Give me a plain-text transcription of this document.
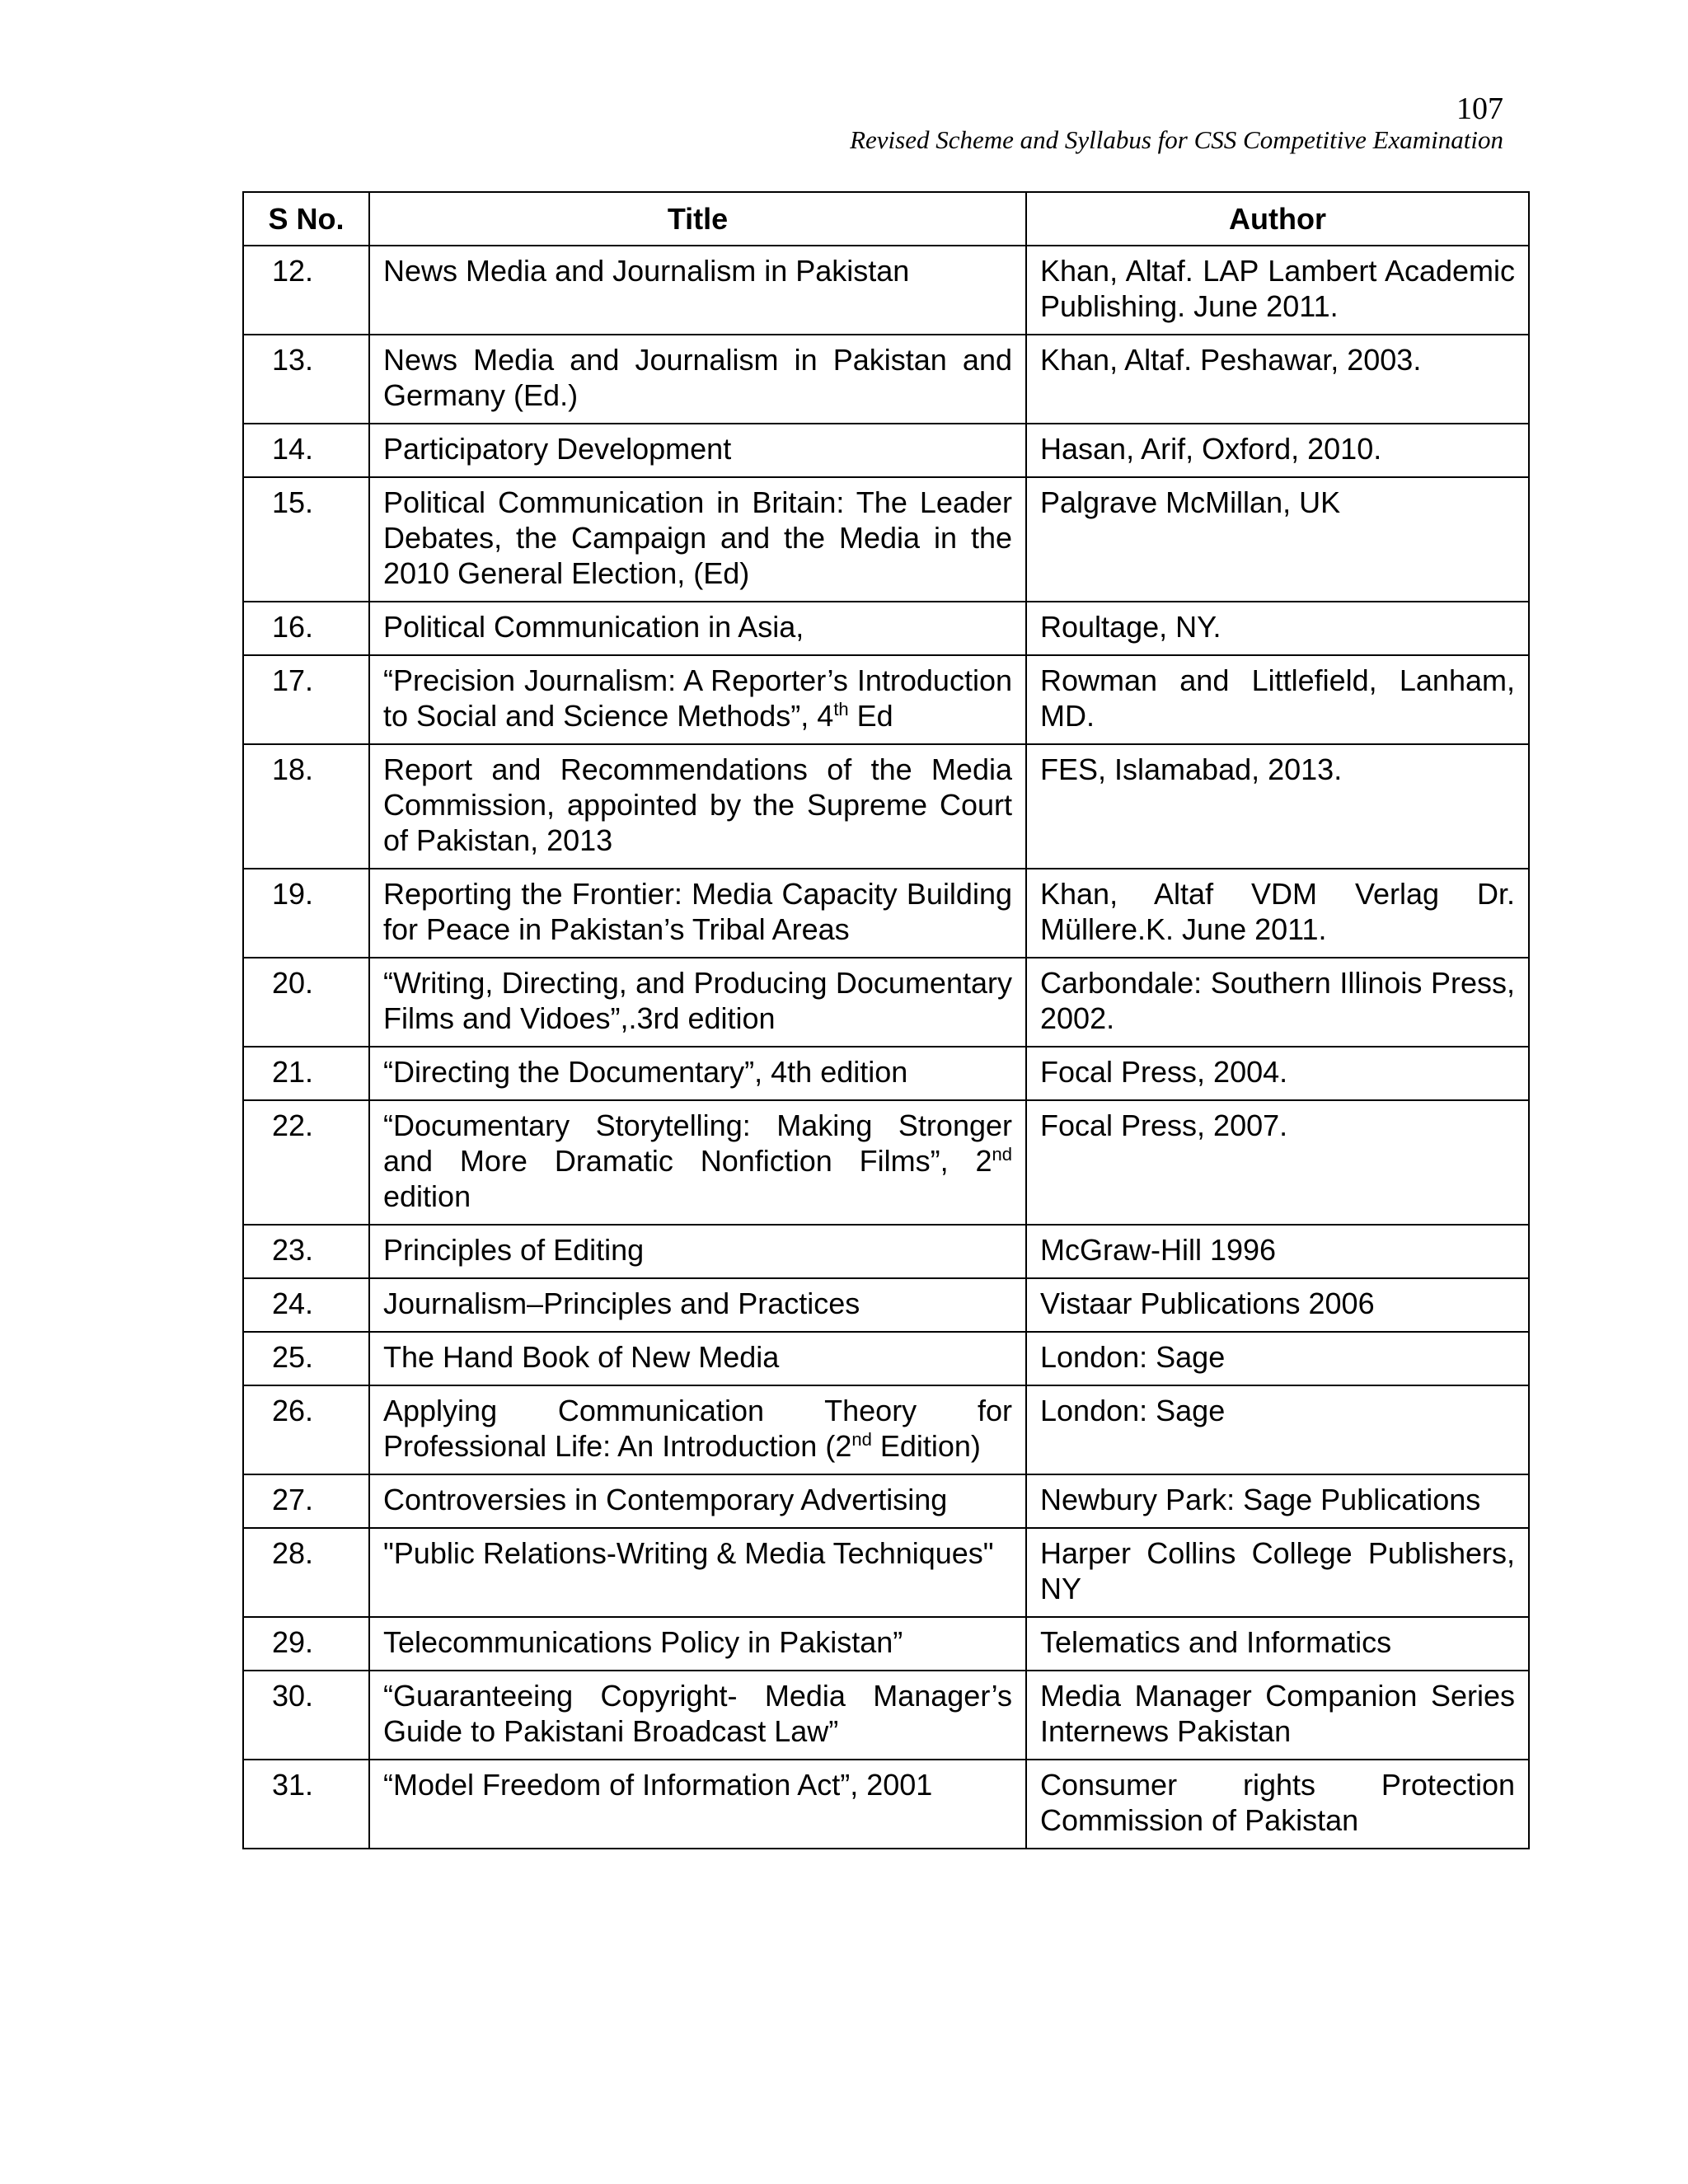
107
Revised Scheme and Syllabus for CSS Competitive Examination
S No.	Title	Author
12.	News Media and Journalism in Pakistan	Khan, Altaf. LAP Lambert Academic Publishing. June 2011.
13.	News Media and Journalism in Pakistan and Germany (Ed.)	Khan, Altaf. Peshawar, 2003.
14.	Participatory Development	Hasan, Arif, Oxford, 2010.
15.	Political Communication in Britain: The Leader Debates, the Campaign and the Media in the 2010 General Election, (Ed)	Palgrave McMillan, UK
16.	Political Communication in Asia,	Roultage, NY.
17.	“Precision Journalism: A Reporter’s Introduction to Social and Science Methods”, 4th Ed	Rowman and Littlefield, Lanham, MD.
18.	Report and Recommendations of the Media Commission, appointed by the Supreme Court of Pakistan, 2013	FES, Islamabad, 2013.
19.	Reporting the Frontier: Media Capacity Building for Peace in Pakistan’s Tribal Areas	Khan, Altaf VDM Verlag Dr. Müllere.K. June 2011.
20.	“Writing, Directing, and Producing Documentary Films and Vidoes”,.3rd edition	Carbondale: Southern Illinois Press, 2002.
21.	“Directing the Documentary”, 4th edition	Focal Press, 2004.
22.	“Documentary Storytelling: Making Stronger and More Dramatic Nonfiction Films”, 2nd edition	Focal Press, 2007.
23.	Principles of Editing	McGraw-Hill 1996
24.	Journalism–Principles and Practices	Vistaar Publications 2006
25.	The Hand Book of New Media	London: Sage
26.	Applying Communication Theory for Professional Life: An Introduction (2nd Edition)	London: Sage
27.	Controversies in Contemporary Advertising	Newbury Park: Sage Publications
28.	"Public Relations-Writing & Media Techniques"	Harper Collins College Publishers, NY
29.	Telecommunications Policy in Pakistan”	Telematics and Informatics
30.	“Guaranteeing Copyright- Media Manager’s Guide to Pakistani Broadcast Law”	Media Manager Companion Series Internews Pakistan
31.	“Model Freedom of Information Act”, 2001	Consumer rights Protection Commission of Pakistan
